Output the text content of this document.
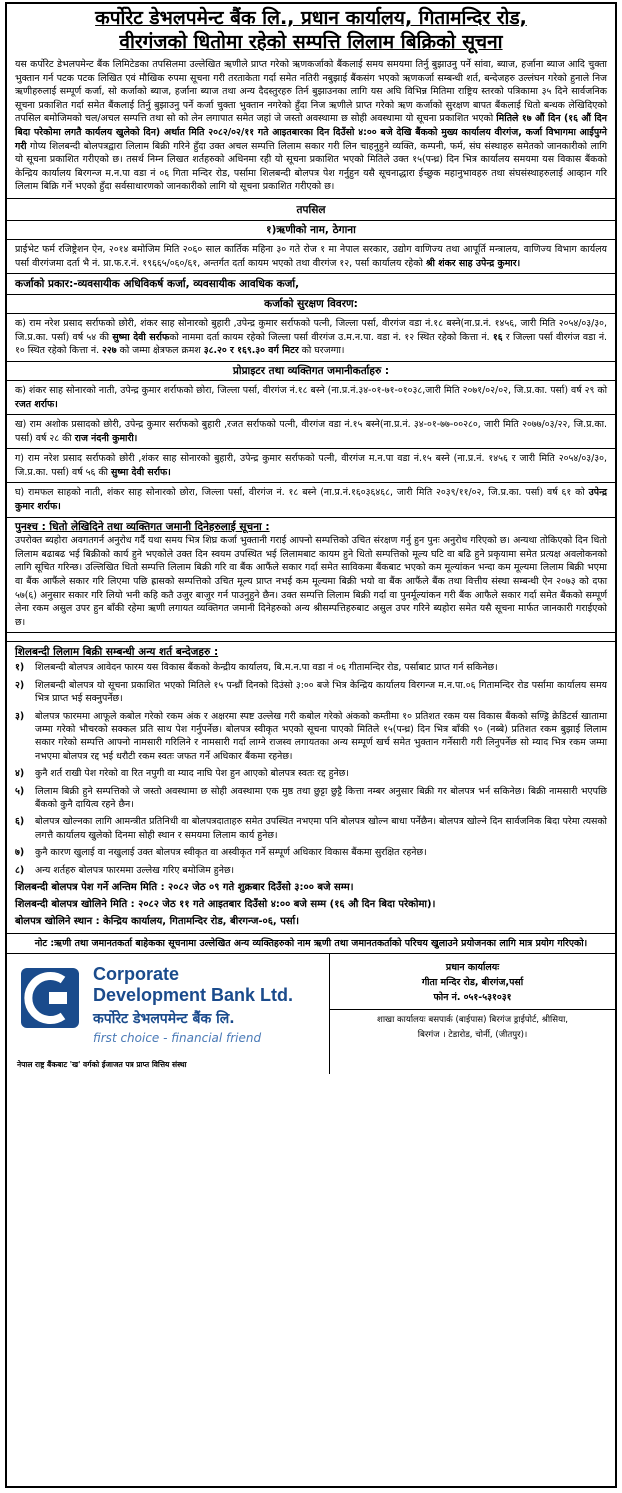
कर्पोरेट डेभलपमेन्ट बैंक लि., प्रधान कार्यालय, गितामन्दिर रोड,
वीरगंजको धितोमा रहेको सम्पत्ति लिलाम बिक्रिको सूचना
यस कर्पोरेट डेभलपमेन्ट बैंक लिमिटेडका तपसिलमा उल्लेखित ऋणीले प्राप्त गरेको ऋणकर्जाको बैंकलाई समय समयमा तिर्नु बुझाउनु पर्ने सांवा, ब्याज, हर्जाना ब्याज आदि चुक्ता भुक्तान गर्न पटक पटक लिखित एवं मौखिक रुपमा सूचना गरी तरताकेता गर्दा समेत नतिरी नबुझाई बैंकसंग भएको ऋणकर्जा सम्बन्धी शर्त, बन्देजहरु उल्लंघन गरेको हुनाले निज ऋणीहरुलाई सम्पूर्ण कर्जा, सो कर्जाको ब्याज, हर्जाना ब्याज तथा अन्य दैदस्तुरहरु तिर्न बुझाउनका लागि यस अघि विभिन्न मितिमा राष्ट्रिय स्तरको पत्रिकामा ३५ दिने सार्वजनिक सूचना प्रकाशित गर्दा समेत बैंकलाई तिर्नु बुझाउनु पर्ने कर्जा चुक्ता भुक्तान नगरेको हुँदा निज ऋणीले प्राप्त गरेको ऋण कर्जाको सुरक्षण बापत बैंकलाई धितो बन्धक लेखिदिएको तपसिल बमोजिमको चल/अचल सम्पत्ति तथा सो को लेन लगापात समेत जहां जे जस्तो अवस्थामा छ सोही अवस्थामा यो सूचना प्रकाशित भएको मितिले १७ औं दिन (१६ औं दिन बिदा परेकोमा लगतै कार्यलय खुलेको दिन) अर्थात मिति २०८२/०२/११ गते आइतबारका दिन दिउँसो ४:०० बजे देखि बैंकको मुख्य कार्यालय वीरगंज, कर्जा विभागमा आईपुग्ने गरी गोप्य शिलबन्दी बोलपत्रद्वारा लिलाम बिक्री गरिने हुँदा उक्त अचल सम्पत्ति लिलाम सकार गरी लिन चाहनुहुने व्यक्ति, कम्पनी, फर्म, संघ संस्थाहरु समेतको जानकारीको लागि यो सूचना प्रकाशित गरीएको छ। तसर्थ निम्न लिखत शर्तहरुको अधिनमा रही यो सूचना प्रकाशित भएको मितिले उक्त १५(पन्ध्र) दिन भित्र कार्यालय समयमा यस विकास बैंकको केन्द्रिय कार्यालय बिरगन्ज म.न.पा वडा नं ०६ गिता मन्दिर रोड, पर्सामा शिलबन्दी बोलपत्र पेश गर्नुहुन यसै सूचनाद्धारा ईच्छुक महानुभावहरु तथा संघसंस्थाहरुलाई आव्हान गरि लिलाम बिक्रि गर्ने भएको हुँदा सर्वसाधारणको जानकारीको लागि यो सूचना प्रकाशित गरीएको छ।
तपसिल
१)ऋणीको नाम, ठेगाना
प्राईभेट फर्म रजिष्ट्रेशन ऐन, २०१४ बमोजिम मिति २०६० साल कार्तिक महिना ३० गते रोज १ मा नेपाल सरकार, उद्योग वाणिज्य तथा आपूर्ति मन्त्रालय, वाणिज्य विभाग कार्यलय पर्सा वीरगंजमा दर्ता भै नं. प्रा.फ.र.नं. १९६६५/०६०/६१, अन्तर्गत दर्ता कायम भएको तथा वीरगंज १२, पर्सा कार्यालय रहेको श्री शंकर साह उपेन्द्र कुमार।
कर्जाको प्रकार:-व्यवसायीक अधिविकर्ष कर्जा, व्यवसायीक आवधिक कर्जा,
कर्जाको सुरक्षण विवरण:
क) राम नरेश प्रसाद सर्राफको छोरी, शंकर साह सोनारको बुहारी ,उपेन्द्र कुमार सर्राफको पत्नी, जिल्ला पर्सा, वीरगंज वडा नं.१८ बस्ने(ना.प्र.नं. १४५६, जारी मिति २०५४/०३/३०, जि.प्र.का. पर्सा) वर्ष ५४ की सुष्मा देवी सर्राफको नाममा दर्ता कायम रहेको जिल्ला पर्सा वीरगंज उ.म.न.पा. वडा नं. १२ स्थित रहेको कित्ता नं. १६ र जिल्ला पर्सा वीरगंज वडा नं. १० स्थित रहेको कित्ता नं. २२७ को जम्मा क्षेत्रफल क्रमश ३८.२० र १६९.३० वर्ग मिटर को घरजग्गा।
प्रोप्राइटर तथा व्यक्तिगत जमानीकर्ताहरु :
क) शंकर साह सोनारको नाती, उपेन्द्र कुमार शर्राफको छोरा, जिल्ला पर्सा, वीरगंज नं.१८ बस्ने (ना.प्र.नं.३४-०१-७१-०१०३८,जारी मिति २०७१/०२/०२, जि.प्र.का. पर्सा) वर्ष २९ को रजत शर्राफ।
ख) राम अशोक प्रसादको छोरी, उपेन्द्र कुमार सर्राफको बुहारी ,रजत सर्राफको पत्नी, वीरगंज वडा नं.१५ बस्ने(ना.प्र.नं. ३४-०१-७७-००२८०, जारी मिति २०७७/०३/२२, जि.प्र.का. पर्सा) वर्ष २८ की राज नंदनी कुमारी।
ग) राम नरेश प्रसाद सर्राफको छोरी ,शंकर साह सोनारको बुहारी, उपेन्द्र कुमार सर्राफको पत्नी, वीरगंज म.न.पा वडा नं.१५ बस्ने (ना.प्र.नं. १४५६ र जारी मिति २०५४/०३/३०, जि.प्र.का. पर्सा) वर्ष ५६ की सुष्मा देवी सर्राफ।
घ) रामफल साहको नाती, शंकर साह सोनारको छोरा, जिल्ला पर्सा, वीरगंज नं. १८ बस्ने (ना.प्र.नं.१६०३६४६८, जारी मिति २०३९/११/०२, जि.प्र.का. पर्सा) वर्ष ६१ को उपेन्द्र कुमार शर्राफ।
पुनश्च : धितो लेखिदिने तथा व्यक्तिगत जमानी दिनेहरुलाई सूचना :
उपरोक्त ब्यहोरा अवगतगर्न अनुरोध गर्दै यथा समय भित्र शिघ्र कर्जा भुक्तानी गराई आफ्नो सम्पत्तिको उचित संरक्षण गर्नु हुन पुनः अनुरोध गरिएको छ। अन्यथा तोकिएको दिन धितो लिलाम बढाबढ भई बिक्रीको कार्य हुने भएकोले उक्त दिन स्वयम उपस्थित भई लिलामबाट कायम हुने धितो सम्पत्तिको मूल्य घटि वा बढि हुने प्रकृयामा समेत प्रत्यक्ष अवलोकनको लागि सूचित गरिन्छ। उल्लिखित धितो सम्पत्ति लिलाम बिक्री गरि वा बैंक आफैंले सकार गर्दा समेत साविकमा बैंकबाट भएको कम मूल्यांकन भन्दा कम मूल्यमा लिलाम बिक्री भएमा वा बैंक आफैंले सकार गरि लिएमा पछि ह्रासको सम्पत्तिको उचित मूल्य प्राप्त नभई कम मूल्यमा बिक्री भयो वा बैंक आफैंले बैंक तथा वित्तीय संस्था सम्बन्धी ऐन २०७३ को दफा ५७(६) अनुसार सकार गरि लियो भनी कहि कतै उजुर बाजुर गर्न पाउनुहुने छैन। उक्त सम्पत्ति लिलाम बिक्री गर्दा वा पुनर्मूल्यांकन गरी बैंक आफैले सकार गर्दा समेत बैंकको सम्पूर्ण लेना रकम असुल उपर हुन बाँकी रहेमा ऋणी लगायत व्यक्तिगत जमानी दिनेहरुको अन्य श्रीसम्पत्तिहरुबाट असुल उपर गरिने ब्यहोरा समेत यसै सूचना मार्फत जानकारी गराईएको छ।
शिलबन्दी लिलाम बिक्री सम्बन्धी अन्य शर्त बन्देजहरु :
१)	शिलबन्दी बोलपत्र आवेदन फारम यस विकास बैंकको केन्द्रीय कार्यालय, बि.म.न.पा वडा नं ०६ गीतामन्दिर रोड, पर्साबाट प्राप्त गर्न सकिनेछ।
२)	शिलबन्दी बोलपत्र यो सूचना प्रकाशित भएको मितिले १५ पन्ध्रौं दिनको दिउंसो ३:०० बजे भित्र केन्द्रिय कार्यालय विरगन्ज म.न.पा.०६ गितामन्दिर रोड पर्सामा कार्यालय समय भित्र प्राप्त भई सक्नुपर्नेछ।
३)	बोलपत्र फारममा आफूले कबोल गरेको रकम अंक र अक्षरमा स्पष्ट उल्लेख गरी कबोल गरेको अंकको कम्तीमा १० प्रतिशत रकम यस विकास बैंकको सण्ड्रि क्रेडिटर्स खातामा जम्मा गरेको भौचरको सक्कल प्रति साथ पेश गर्नुपर्नेछ। बोलपत्र स्वीकृत भएको सूचना पाएको मितिले १५(पन्ध्र) दिन भित्र बाँकी ९० (नब्बे) प्रतिशत रकम बुझाई लिलाम सकार गरेको सम्पत्ति आफ्नो नामसारी गरिलिने र नामसारी गर्दा लाग्ने राजस्व लगायतका अन्य सम्पूर्ण खर्च समेत भुक्तान गर्नेसारी गरी लिनुपर्नेछ सो म्याद भित्र रकम जम्मा नभएमा बोलपत्र रद्द भई धरौटी रकम स्वतः जफत गर्ने अधिकार बैंकमा रहनेछ।
४)	कुनै शर्त राखी पेश गरेको वा रित नपुगी वा म्याद नाघि पेश हुन आएको बोलपत्र स्वतः रद्द हुनेछ।
५)	लिलाम बिक्री हुने सम्पत्तिको जे जस्तो अवस्थामा छ सोही अवस्थामा एक मुष्ठ तथा छुट्टा छुट्टै कित्ता नम्बर अनुसार बिक्री गर बोलपत्र भर्न सकिनेछ। बिक्री नामसारी भएपछि बैंकको कुनै दायित्व रहने छैन।
६)	बोलपत्र खोल्नका लागि आमन्त्रीत प्रतिनिधी वा बोलपत्रदाताहरु समेत उपस्थित नभएमा पनि बोलपत्र खोल्न बाधा पर्नेछैन। बोलपत्र खोल्ने दिन सार्वजनिक बिदा परेमा त्यसको लगत्तै कार्यालय खुलेको दिनमा सोही स्थान र समयमा लिलाम कार्य हुनेछ।
७)	कुनै कारण खुलाई वा नखुलाई उक्त बोलपत्र स्वीकृत वा अस्वीकृत गर्ने सम्पूर्ण अधिकार विकास बैंकमा सुरक्षित रहनेछ।
८)	अन्य शर्तहरु बोलपत्र फारममा उल्लेख गरिए बमोजिम हुनेछ।
शिलबन्दी बोलपत्र पेश गर्ने अन्तिम मिति : २०८२ जेठ ०९ गते शुक्रबार दिउँसो ३:०० बजे सम्म।
शिलबन्दी बोलपत्र खोलिने मिति : २०८२ जेठ ११ गते आइतबार दिउँसो ४:०० बजे सम्म (१६ औ दिन बिदा परेकोमा)।
बोलपत्र खोलिने स्थान : केन्द्रिय कार्यालय, गितामन्दिर रोड, बीरगन्ज-०६, पर्सा।
नोट :ऋणी तथा जमानतकर्ता बाहेकका सूचनामा उल्लेखित अन्य व्यक्तिहरुको नाम ऋणी तथा जमानतकर्ताको परिचय खुलाउने प्रयोजनका लागि मात्र प्रयोग गरिएको।
Corporate
Development Bank Ltd.
कर्पोरेट डेभलपमेन्ट बैंक लि.
first choice - financial friend
नेपाल राष्ट्र बैंकबाट 'ख' वर्गको ईजाजत पत्र प्राप्त वित्तिय संस्था
प्रधान कार्यालयः
गीता मन्दिर रोड, बीरगंज,पर्सा
फोन नं. ०५१-५३१०३१
शाखा कार्यालयः बसपार्क (बाईपास) बिरगंज ड्राईपोर्ट, श्रीसिया,
बिरगंज । टेडारोड, चोर्नी, (जीतपुर)।
